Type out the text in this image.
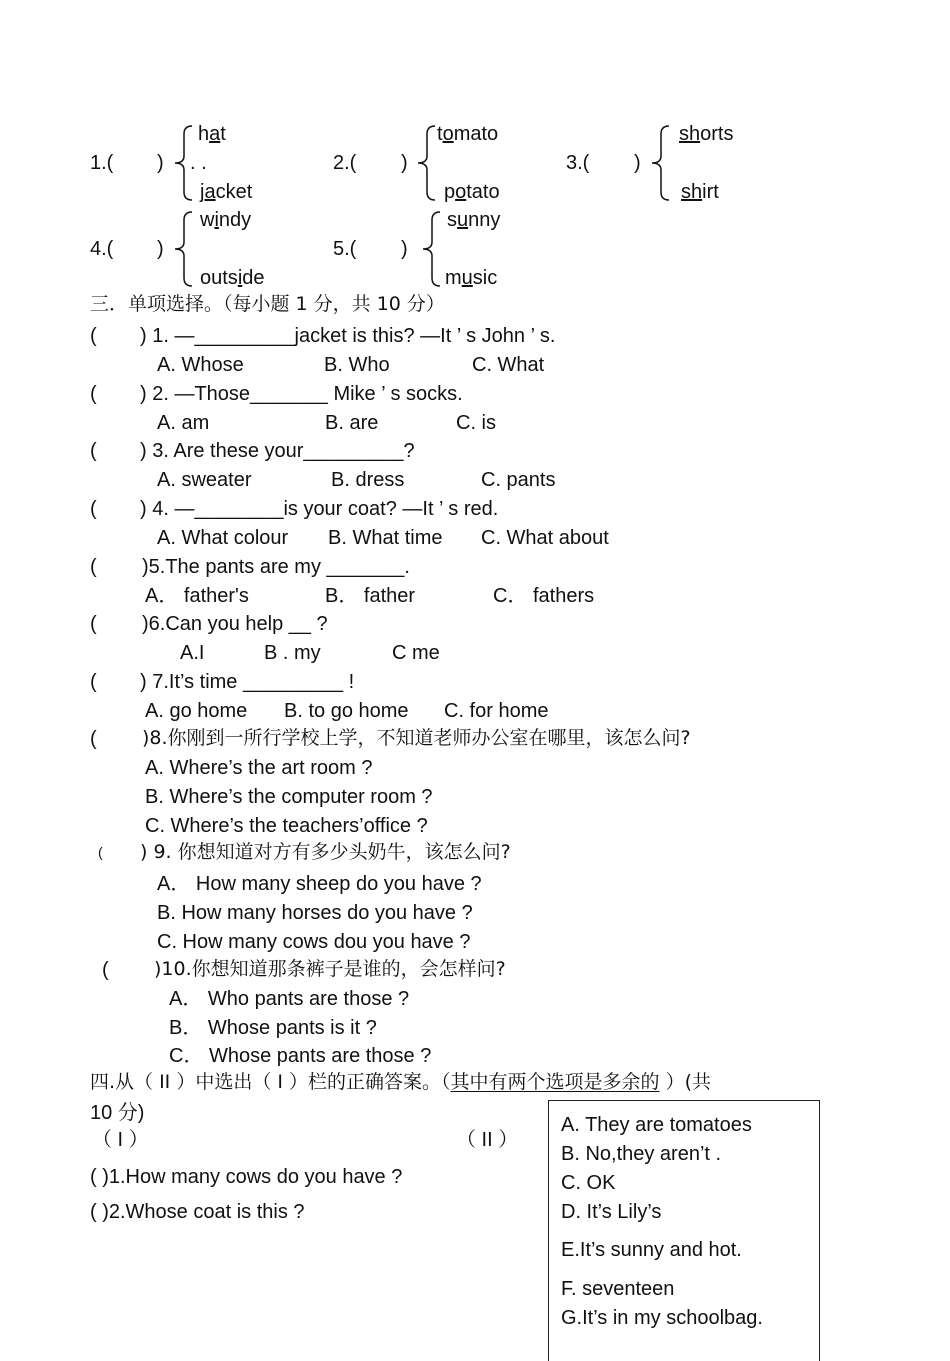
1.( )
hat
. .
jacket
2.( )
tomato
potato
3.( )
shorts
shirt
4.( )
windy
outside
5.( )
sunny
music
三．单项选择。（每小题 1 分，共 10 分）
( ) 1. ―_________jacket is this? ―It ’ s John ’ s.
A. Whose	B. Who	C. What
( ) 2. ―Those_______ Mike ’ s socks.
A. am	B. are	C. is
( ) 3. Are these your_________?
A. sweater	B. dress	C. pants
( ) 4. ―________is your coat? ―It ’ s red.
A. What colour B. What time C. What about
( )5.The pants are my _______.
A． father's	B． father	C． fathers
( )6.Can you help __ ?
A.I	B . my	C me
( ) 7.It’s time _________ !
A. go home B. to go home C. for home
( )8.你刚到一所行学校上学，不知道老师办公室在哪里，该怎么问?
A. Where’s the art room ?
B. Where’s the computer room ?
C. Where’s the teachers’office ?
( ) 9. 你想知道对方有多少头奶牛，该怎么问?
A． How many sheep do you have ?
B. How many horses do you have ?
C. How many cows dou you have ?
( )10.你想知道那条裤子是谁的，会怎样问?
A． Who pants are those ?
B． Whose pants is it ?
C． Whose pants are those ?
四.从（ II ）中选出（ I ）栏的正确答案。（其中有两个选项是多余的 ）(共
10 分)
（ I ）	（ II ）
( )1.How many cows do you have ?
( )2.Whose coat is this ?
A. They are tomatoes
B. No,they aren’t .
C. OK
D. It’s Lily’s
E.It’s sunny and hot.
F. seventeen
G.It’s in my schoolbag.
